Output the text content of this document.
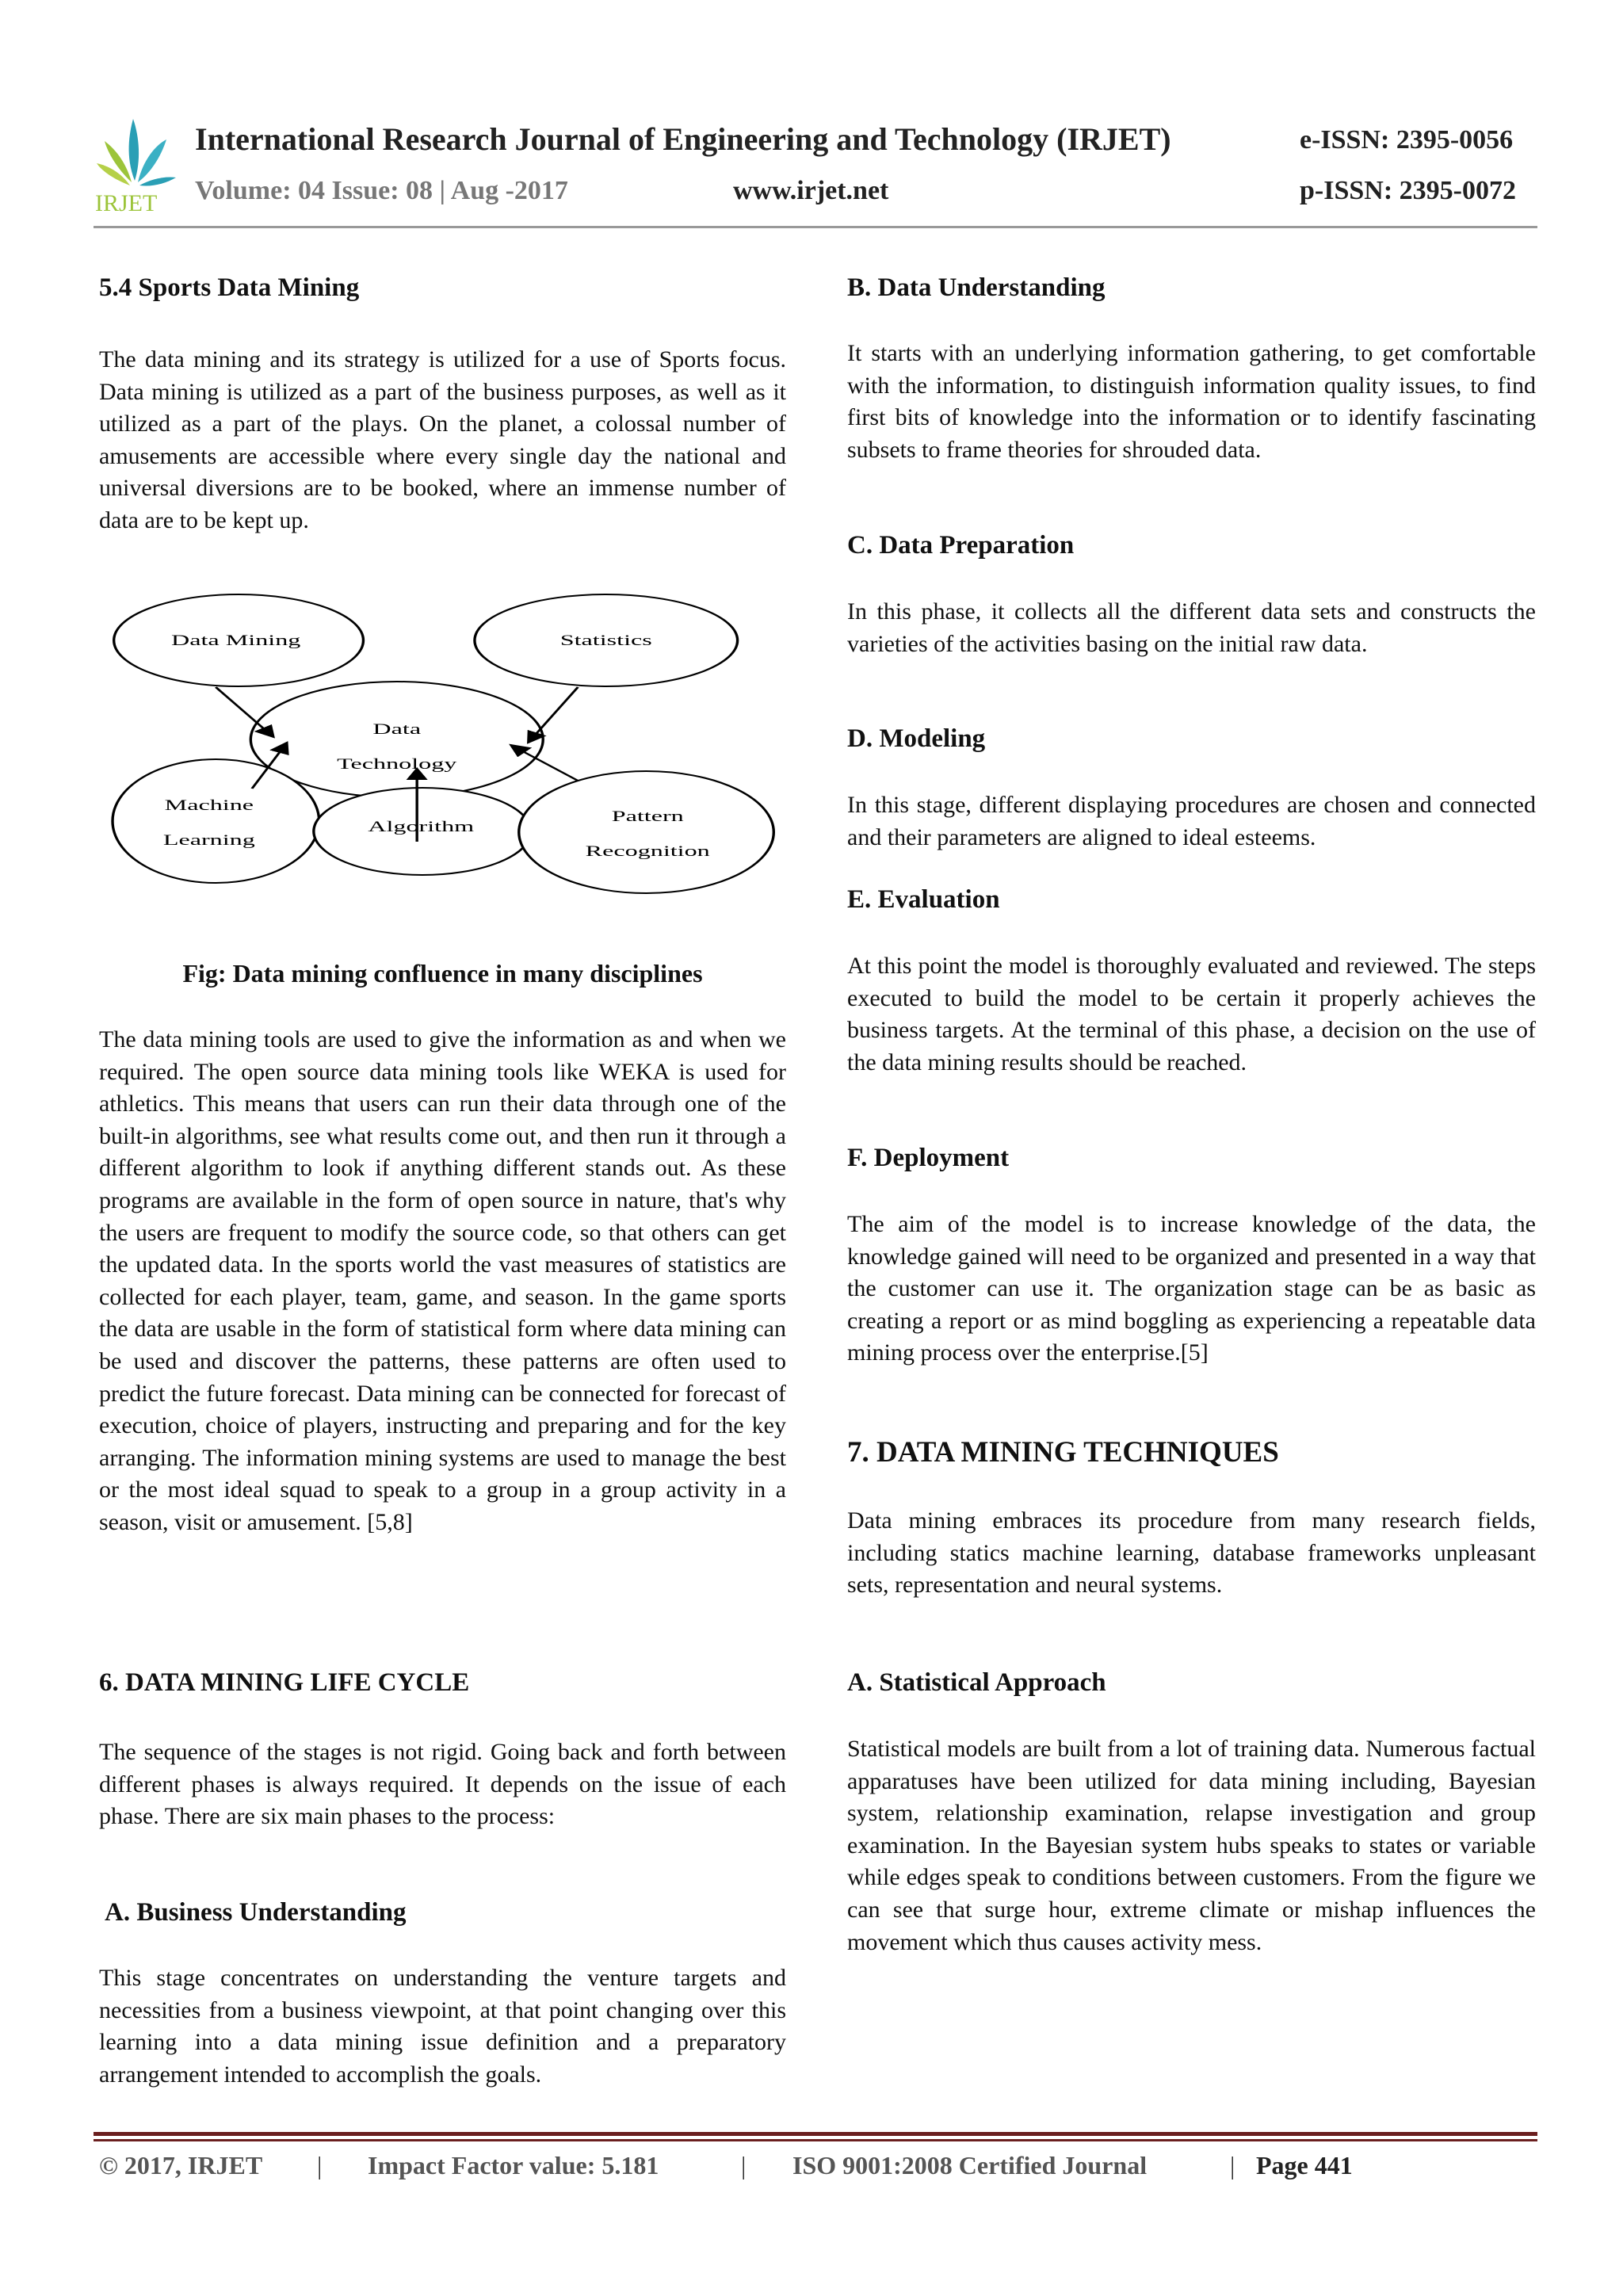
IRJET
International Research Journal of Engineering and Technology (IRJET)	e-ISSN: 2395-0056
Volume: 04 Issue: 08 | Aug -2017	www.irjet.net	p-ISSN: 2395-0072
5.4 Sports Data Mining
The data mining and its strategy is utilized for a use of Sports focus. Data mining is utilized as a part of the business purposes, as well as it utilized as a part of the plays. On the planet, a colossal number of amusements are accessible where every single day the national and universal diversions are to be booked, where an immense number of data are to be kept up.
Data Mining	Statistics
Data
Technology
Machine
Learning
Algorithm
Pattern
Recognition
Fig: Data mining confluence in many disciplines
The data mining tools are used to give the information as and when we required. The open source data mining tools like WEKA is used for athletics. This means that users can run their data through one of the built-in algorithms, see what results come out, and then run it through a different algorithm to look if anything different stands out. As these programs are available in the form of open source in nature, that's why the users are frequent to modify the source code, so that others can get the updated data. In the sports world the vast measures of statistics are collected for each player, team, game, and season. In the game sports the data are usable in the form of statistical form where data mining can be used and discover the patterns, these patterns are often used to predict the future forecast. Data mining can be connected for forecast of execution, choice of players, instructing and preparing and for the key arranging. The information mining systems are used to manage the best or the most ideal squad to speak to a group in a group activity in a season, visit or amusement. [5,8]
6. DATA MINING LIFE CYCLE
The sequence of the stages is not rigid. Going back and forth between different phases is always required. It depends on the issue of each phase. There are six main phases to the process:
A. Business Understanding
This stage concentrates on understanding the venture targets and necessities from a business viewpoint, at that point changing over this learning into a data mining issue definition and a preparatory arrangement intended to accomplish the goals.
B. Data Understanding
It starts with an underlying information gathering, to get comfortable with the information, to distinguish information quality issues, to find first bits of knowledge into the information or to identify fascinating subsets to frame theories for shrouded data.
C. Data Preparation
In this phase, it collects all the different data sets and constructs the varieties of the activities basing on the initial raw data.
D. Modeling
In this stage, different displaying procedures are chosen and connected and their parameters are aligned to ideal esteems.
E. Evaluation
At this point the model is thoroughly evaluated and reviewed. The steps executed to build the model to be certain it properly achieves the business targets. At the terminal of this phase, a decision on the use of the data mining results should be reached.
F. Deployment
The aim of the model is to increase knowledge of the data, the knowledge gained will need to be organized and presented in a way that the customer can use it. The organization stage can be as basic as creating a report or as mind boggling as experiencing a repeatable data mining process over the enterprise.[5]
7. DATA MINING TECHNIQUES
Data mining embraces its procedure from many research fields, including statics machine learning, database frameworks unpleasant sets, representation and neural systems.
A. Statistical Approach
Statistical models are built from a lot of training data. Numerous factual apparatuses have been utilized for data mining including, Bayesian system, relationship examination, relapse investigation and group examination. In the Bayesian system hubs speaks to states or variable while edges speak to conditions between customers. From the figure we can see that surge hour, extreme climate or mishap influences the movement which thus causes activity mess.
© 2017, IRJET | Impact Factor value: 5.181	| ISO 9001:2008 Certified Journal	| Page 441
